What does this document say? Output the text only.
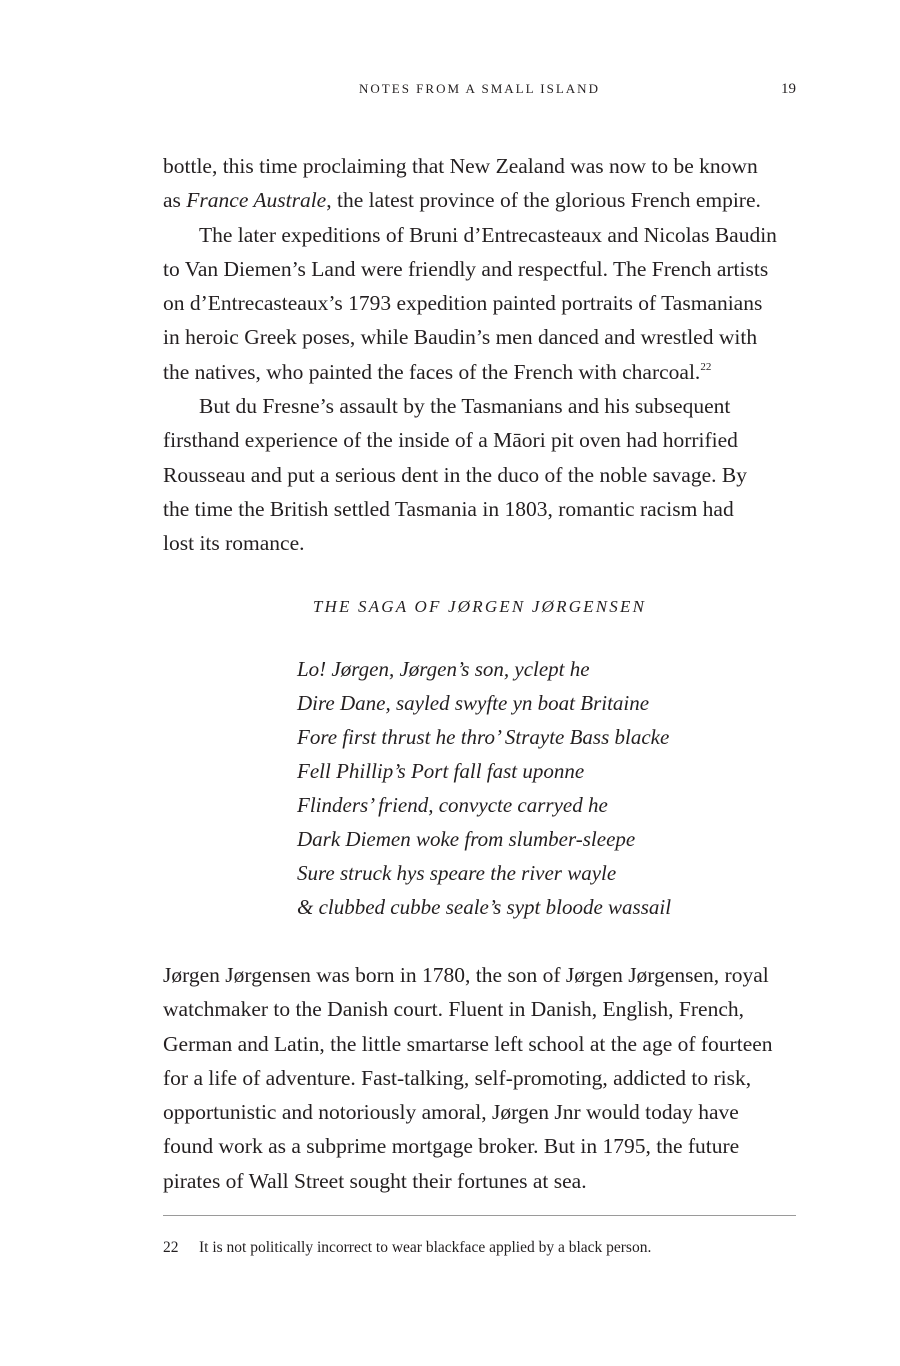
NOTES FROM A SMALL ISLAND	19

bottle, this time proclaiming that New Zealand was now to be known

as France Australe, the latest province of the glorious French empire.

The later expeditions of Bruni d’Entrecasteaux and Nicolas Baudin

to Van Diemen’s Land were friendly and respectful. The French artists

on d’Entrecasteaux’s 1793 expedition painted portraits of Tasmanians

in heroic Greek poses, while Baudin’s men danced and wrestled with

the natives, who painted the faces of the French with charcoal.$^{22}$

But du Fresne’s assault by the Tasmanians and his subsequent

firsthand experience of the inside of a Māori pit oven had horrified

Rousseau and put a serious dent in the duco of the noble savage. By

the time the British settled Tasmania in 1803, romantic racism had

lost its romance.

THE SAGA OF JØRGEN JØRGENSEN

Lo! Jørgen, Jørgen’s son, yclept he

Dire Dane, sayled swyfte yn boat Britaine

Fore first thrust he thro’ Strayte Bass blacke

Fell Phillip’s Port fall fast uponne

Flinders’ friend, convycte carryed he

Dark Diemen woke from slumber-sleepe

Sure struck hys speare the river wayle

& clubbed cubbe seale’s sypt bloode wassail

Jørgen Jørgensen was born in 1780, the son of Jørgen Jørgensen, royal

watchmaker to the Danish court. Fluent in Danish, English, French,

German and Latin, the little smartarse left school at the age of fourteen

for a life of adventure. Fast-talking, self-promoting, addicted to risk,

opportunistic and notoriously amoral, Jørgen Jnr would today have

found work as a subprime mortgage broker. But in 1795, the future

pirates of Wall Street sought their fortunes at sea.

22 It is not politically incorrect to wear blackface applied by a black person.
